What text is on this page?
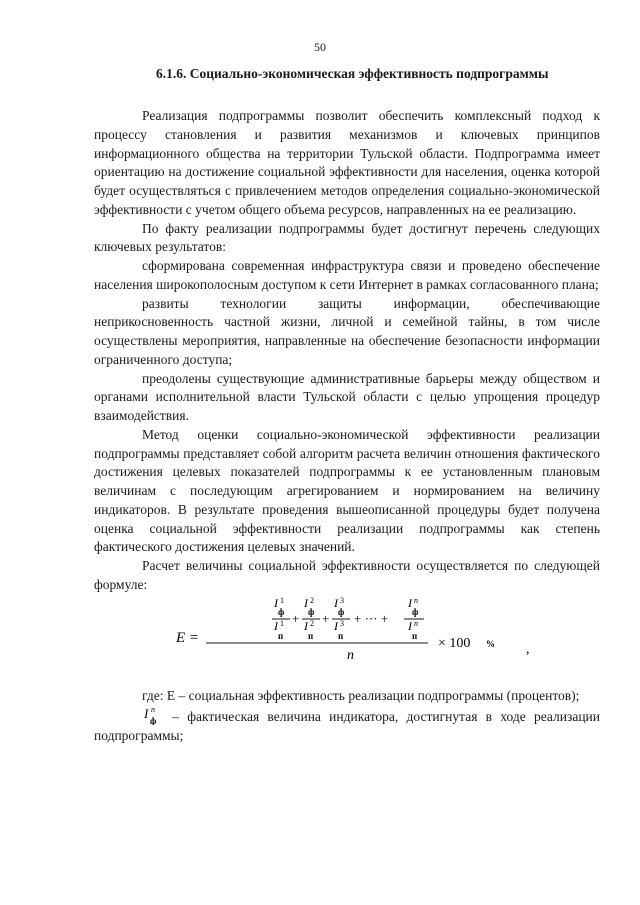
50
6.1.6. Социально-экономическая эффективность подпрограммы

Реализация подпрограммы позволит обеспечить комплексный подход к процессу становления и развития механизмов и ключевых принципов информационного общества на территории Тульской области. Подпрограмма имеет ориентацию на достижение социальной эффективности для населения, оценка которой будет осуществляться с привлечением методов определения социально-экономической эффективности с учетом общего объема ресурсов, направленных на ее реализацию.

По факту реализации подпрограммы будет достигнут перечень следующих ключевых результатов:

сформирована современная инфраструктура связи и проведено обеспечение населения широкополосным доступом к сети Интернет в рамках согласованного плана;

развиты технологии защиты информации, обеспечивающие неприкосновенность частной жизни, личной и семейной тайны, в том числе осуществлены мероприятия, направленные на обеспечение безопасности информации ограниченного доступа;

преодолены существующие административные барьеры между обществом и органами исполнительной власти Тульской области с целью упрощения процедур взаимодействия.

Метод оценки социально-экономической эффективности реализации подпрограммы представляет собой алгоритм расчета величин отношения фактического достижения целевых показателей подпрограммы к ее установленным плановым величинам с последующим агрегированием и нормированием на величину индикаторов. В результате проведения вышеописанной процедуры будет получена оценка социальной эффективности реализации подпрограммы как степень фактического достижения целевых значений.

Расчет величины социальной эффективности осуществляется по следующей формуле:

E =
I 1
ф
I 1
п
+
I 2
ф
I 2
п
+
I 3
ф
I 3
п
+ ··· +
I n
ф
I n
п
n
× 100 % ,

где: E – социальная эффективность реализации подпрограммы (процентов);

I n
ф – фактическая величина индикатора, достигнутая в ходе реализации подпрограммы;
